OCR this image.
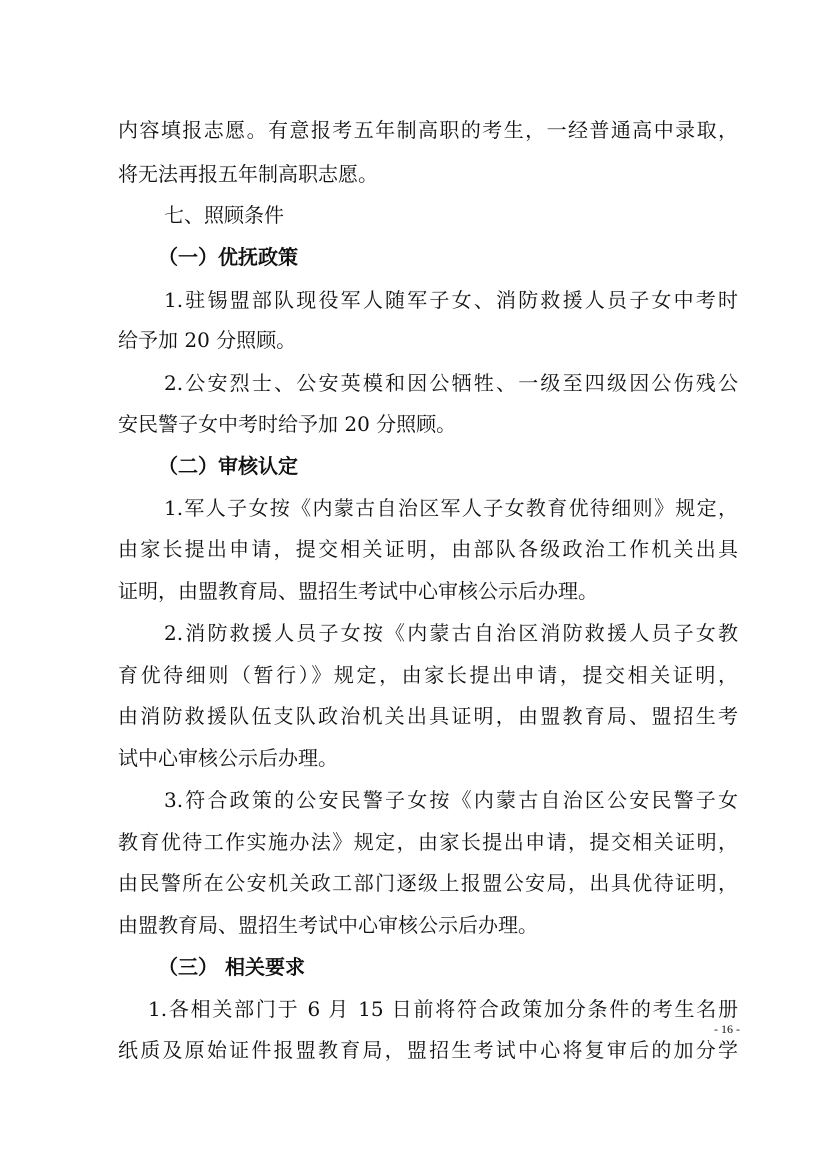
内容填报志愿。有意报考五年制高职的考生，一经普通高中录取，
将无法再报五年制高职志愿。
七、照顾条件
（一）优抚政策
1.驻锡盟部队现役军人随军子女、消防救援人员子女中考时
给予加 20 分照顾。
2.公安烈士、公安英模和因公牺牲、一级至四级因公伤残公
安民警子女中考时给予加 20 分照顾。
（二）审核认定
1.军人子女按《内蒙古自治区军人子女教育优待细则》规定，
由家长提出申请，提交相关证明，由部队各级政治工作机关出具
证明，由盟教育局、盟招生考试中心审核公示后办理。
2.消防救援人员子女按《内蒙古自治区消防救援人员子女教
育优待细则（暂行）》规定，由家长提出申请，提交相关证明，
由消防救援队伍支队政治机关出具证明，由盟教育局、盟招生考
试中心审核公示后办理。
3.符合政策的公安民警子女按《内蒙古自治区公安民警子女
教育优待工作实施办法》规定，由家长提出申请，提交相关证明，
由民警所在公安机关政工部门逐级上报盟公安局，出具优待证明，
由盟教育局、盟招生考试中心审核公示后办理。
（三） 相关要求
1.各相关部门于 6 月 15 日前将符合政策加分条件的考生名册
纸质及原始证件报盟教育局，盟招生考试中心将复审后的加分学
- 16 -
